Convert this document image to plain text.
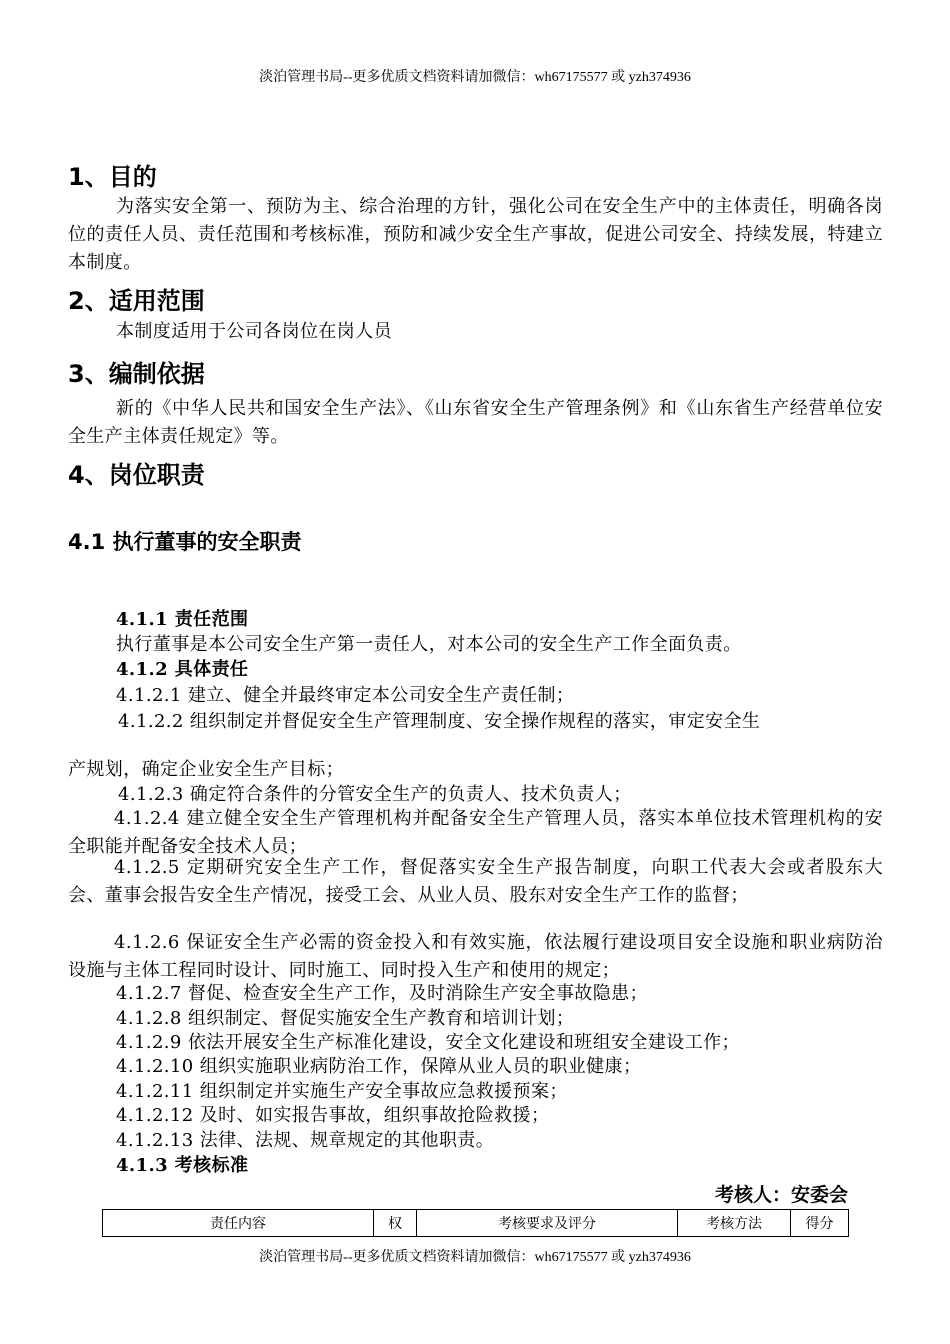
淡泊管理书局--更多优质文档资料请加微信：wh67175577 或 yzh374936
1、目的
为落实安全第一、预防为主、综合治理的方针，强化公司在安全生产中的主体责任，明确各岗位的责任人员、责任范围和考核标准，预防和减少安全生产事故，促进公司安全、持续发展，特建立本制度。
2、适用范围
本制度适用于公司各岗位在岗人员
3、编制依据
新的《中华人民共和国安全生产法》、《山东省安全生产管理条例》和《山东省生产经营单位安全生产主体责任规定》等。
4、岗位职责
4.1 执行董事的安全职责
4.1.1 责任范围
执行董事是本公司安全生产第一责任人，对本公司的安全生产工作全面负责。
4.1.2 具体责任
4.1.2.1 建立、健全并最终审定本公司安全生产责任制；
4.1.2.2 组织制定并督促安全生产管理制度、安全操作规程的落实，审定安全生
产规划，确定企业安全生产目标；
4.1.2.3 确定符合条件的分管安全生产的负责人、技术负责人；
4.1.2.4 建立健全安全生产管理机构并配备安全生产管理人员，落实本单位技术管理机构的安全职能并配备安全技术人员；
4.1.2.5 定期研究安全生产工作，督促落实安全生产报告制度，向职工代表大会或者股东大会、董事会报告安全生产情况，接受工会、从业人员、股东对安全生产工作的监督；
4.1.2.6 保证安全生产必需的资金投入和有效实施，依法履行建设项目安全设施和职业病防治设施与主体工程同时设计、同时施工、同时投入生产和使用的规定；
4.1.2.7 督促、检查安全生产工作，及时消除生产安全事故隐患；
4.1.2.8 组织制定、督促实施安全生产教育和培训计划；
4.1.2.9 依法开展安全生产标准化建设，安全文化建设和班组安全建设工作；
4.1.2.10 组织实施职业病防治工作，保障从业人员的职业健康；
4.1.2.11 组织制定并实施生产安全事故应急救援预案；
4.1.2.12 及时、如实报告事故，组织事故抢险救援；
4.1.2.13 法律、法规、规章规定的其他职责。
4.1.3 考核标准
考核人：安委会
责任内容	权	考核要求及评分	考核方法	得分
淡泊管理书局--更多优质文档资料请加微信：wh67175577 或 yzh374936
